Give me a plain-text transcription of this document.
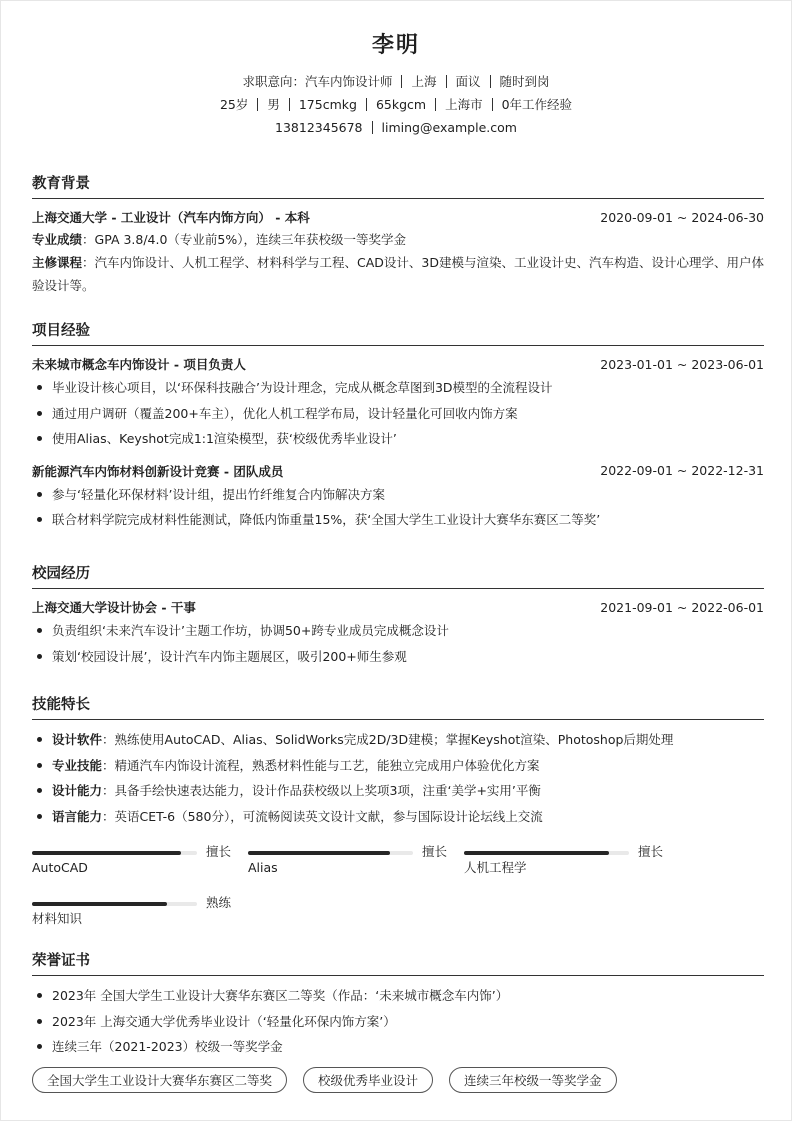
李明
求职意向：汽车内饰设计师 上海 面议 随时到岗
25岁 男 175cmkg 65kgcm 上海市 0年工作经验
13812345678 liming@example.com
教育背景
上海交通大学 - 工业设计（汽车内饰方向） - 本科	2020-09-01 ~ 2024-06-30
专业成绩：GPA 3.8/4.0（专业前5%），连续三年获校级一等奖学金
主修课程：汽车内饰设计、人机工程学、材料科学与工程、CAD设计、3D建模与渲染、工业设计史、汽车构造、设计心理学、用户体验设计等。
项目经验
未来城市概念车内饰设计 - 项目负责人	2023-01-01 ~ 2023-06-01
毕业设计核心项目，以‘环保科技融合’为设计理念，完成从概念草图到3D模型的全流程设计
通过用户调研（覆盖200+车主），优化人机工程学布局，设计轻量化可回收内饰方案
使用Alias、Keyshot完成1:1渲染模型，获‘校级优秀毕业设计’
新能源汽车内饰材料创新设计竞赛 - 团队成员	2022-09-01 ~ 2022-12-31
参与‘轻量化环保材料’设计组，提出竹纤维复合内饰解决方案
联合材料学院完成材料性能测试，降低内饰重量15%，获‘全国大学生工业设计大赛华东赛区二等奖’
校园经历
上海交通大学设计协会 - 干事	2021-09-01 ~ 2022-06-01
负责组织‘未来汽车设计’主题工作坊，协调50+跨专业成员完成概念设计
策划‘校园设计展’，设计汽车内饰主题展区，吸引200+师生参观
技能特长
设计软件：熟练使用AutoCAD、Alias、SolidWorks完成2D/3D建模；掌握Keyshot渲染、Photoshop后期处理
专业技能：精通汽车内饰设计流程，熟悉材料性能与工艺，能独立完成用户体验优化方案
设计能力：具备手绘快速表达能力，设计作品获校级以上奖项3项，注重‘美学+实用’平衡
语言能力：英语CET-6（580分），可流畅阅读英文设计文献，参与国际设计论坛线上交流
擅长
AutoCAD
擅长
Alias
擅长
人机工程学
熟练
材料知识
荣誉证书
2023年 全国大学生工业设计大赛华东赛区二等奖（作品：‘未来城市概念车内饰’）
2023年 上海交通大学优秀毕业设计（‘轻量化环保内饰方案’）
连续三年（2021-2023）校级一等奖学金
全国大学生工业设计大赛华东赛区二等奖	校级优秀毕业设计	连续三年校级一等奖学金
